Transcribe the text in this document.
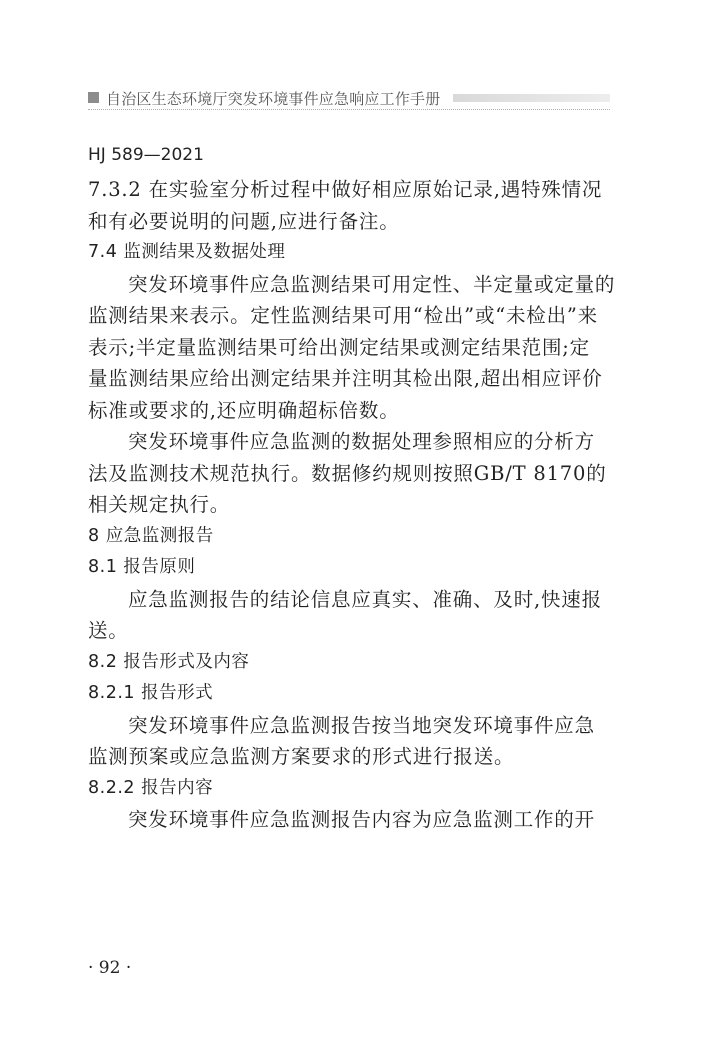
自治区生态环境厅突发环境事件应急响应工作手册
HJ 589—2021
7.3.2 在实验室分析过程中做好相应原始记录,遇特殊情况
和有必要说明的问题,应进行备注。
7.4 监测结果及数据处理
突发环境事件应急监测结果可用定性、半定量或定量的
监测结果来表示。定性监测结果可用“检出”或“未检出”来
表示;半定量监测结果可给出测定结果或测定结果范围;定
量监测结果应给出测定结果并注明其检出限,超出相应评价
标准或要求的,还应明确超标倍数。
突发环境事件应急监测的数据处理参照相应的分析方
法及监测技术规范执行。数据修约规则按照GB/T 8170的
相关规定执行。
8 应急监测报告
8.1 报告原则
应急监测报告的结论信息应真实、准确、及时,快速报
送。
8.2 报告形式及内容
8.2.1 报告形式
突发环境事件应急监测报告按当地突发环境事件应急
监测预案或应急监测方案要求的形式进行报送。
8.2.2 报告内容
突发环境事件应急监测报告内容为应急监测工作的开
· 92 ·
